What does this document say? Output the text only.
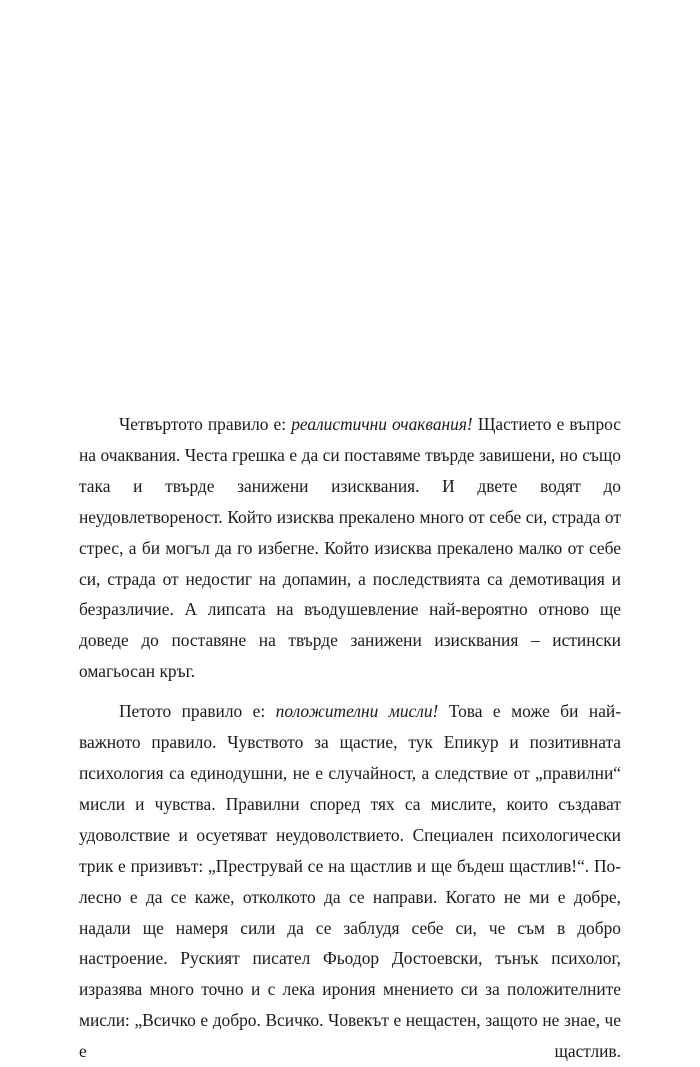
Четвъртото правило е: реалистични очаквания! Щастието е въпрос на очаквания. Честа грешка е да си поставяме твърде завишени, но също така и твърде занижени изисквания. И двете водят до неудовлетвореност. Който изисква прекалено много от себе си, страда от стрес, а би могъл да го избегне. Който изисква прекалено малко от себе си, страда от недостиг на допамин, а последствията са демотивация и безразличие. А липсата на въодушевление най-вероятно отново ще доведе до поставяне на твърде занижени изисквания – истински омагьосан кръг.

Петото правило е: положителни мисли! Това е може би най-важното правило. Чувството за щастие, тук Епикур и позитивната психология са единодушни, не е случайност, а следствие от „правилни“ мисли и чувства. Правилни според тях са мислите, които създават удоволствие и осуетяват неудоволствието. Специален психологически трик е призивът: „Преструвай се на щастлив и ще бъдеш щастлив!“. По-лесно е да се каже, отколкото да се направи. Когато не ми е добре, надали ще намеря сили да се заблудя себе си, че съм в добро настроение. Руският писател Фьодор Достоевски, тънък психолог, изразява много точно и с лека ирония мнението си за положителните мисли: „Всичко е добро. Всичко. Човекът е нещастен, защото не знае, че е щастлив.
